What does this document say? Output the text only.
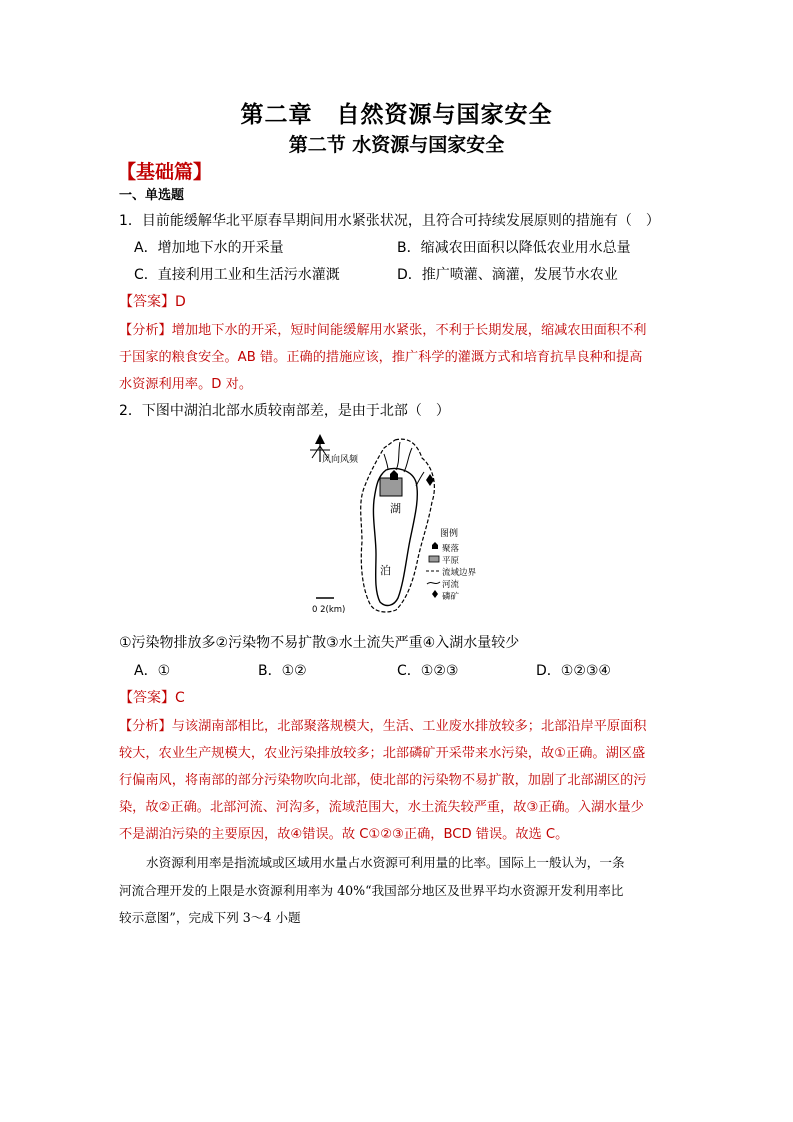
第二章　自然资源与国家安全
第二节 水资源与国家安全
【基础篇】
一、单选题
1．目前能缓解华北平原春旱期间用水紧张状况，且符合可持续发展原则的措施有（　）
A．增加地下水的开采量	B．缩减农田面积以降低农业用水总量
C．直接利用工业和生活污水灌溉	D．推广喷灌、滴灌，发展节水农业
【答案】D
【分析】增加地下水的开采，短时间能缓解用水紧张，不利于长期发展，缩减农田面积不利
于国家的粮食安全。AB 错。正确的措施应该，推广科学的灌溉方式和培育抗旱良种和提高
水资源利用率。D 对。
2．下图中湖泊北部水质较南部差，是由于北部（　）
风向风频
湖
泊
图例
聚落
平原
流域边界
河流
磷矿
0 2(km)
①污染物排放多②污染物不易扩散③水土流失严重④入湖水量较少
A．①	B．①②	C．①②③	D．①②③④
【答案】C
【分析】与该湖南部相比，北部聚落规模大，生活、工业废水排放较多；北部沿岸平原面积
较大，农业生产规模大，农业污染排放较多；北部磷矿开采带来水污染，故①正确。湖区盛
行偏南风，将南部的部分污染物吹向北部，使北部的污染物不易扩散，加剧了北部湖区的污
染，故②正确。北部河流、河沟多，流域范围大，水土流失较严重，故③正确。入湖水量少
不是湖泊污染的主要原因，故④错误。故 C①②③正确，BCD 错误。故选 C。
水资源利用率是指流域或区域用水量占水资源可利用量的比率。国际上一般认为，一条
河流合理开发的上限是水资源利用率为 40%“我国部分地区及世界平均水资源开发利用率比
较示意图”，完成下列 3～4 小题
